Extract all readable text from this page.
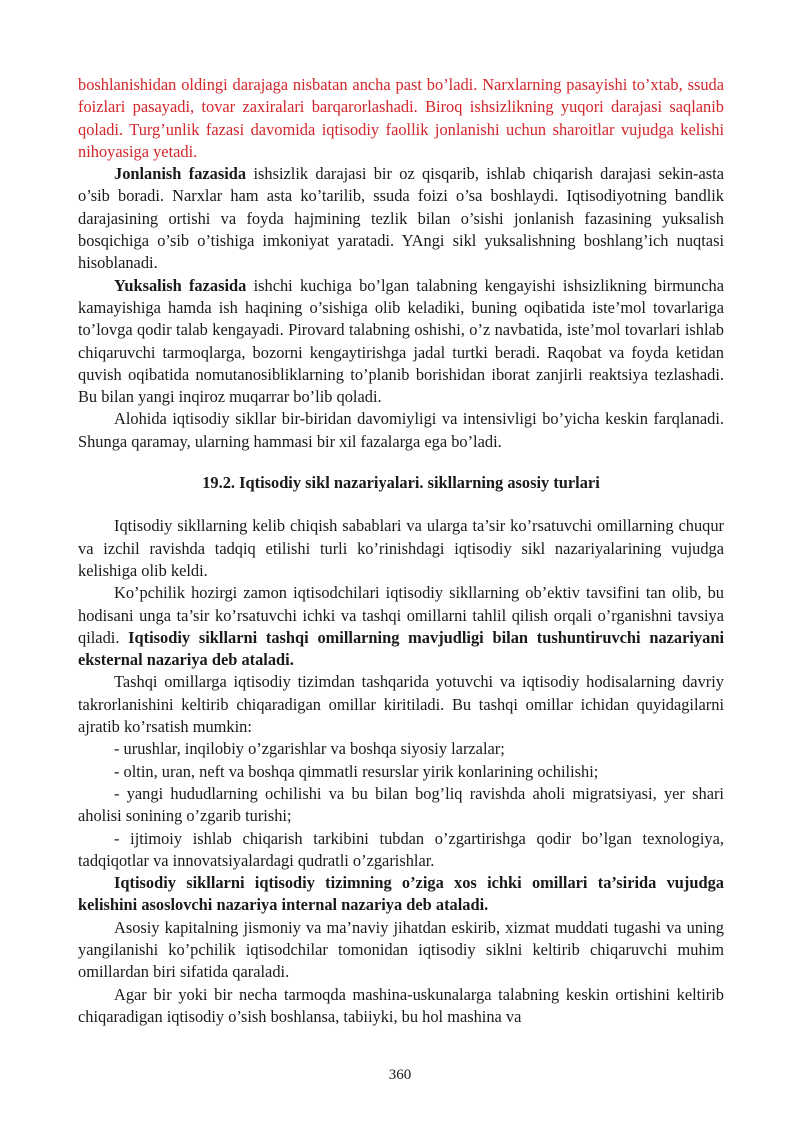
boshlanishidan oldingi darajaga nisbatan ancha past bo’ladi. Narxlarning pasayishi to’xtab, ssuda foizlari pasayadi, tovar zaxiralari barqarorlashadi. Biroq ishsizlikning yuqori darajasi saqlanib qoladi. Turg’unlik fazasi davomida iqtisodiy faollik jonlanishi uchun sharoitlar vujudga kelishi nihoyasiga yetadi.

Jonlanish fazasida ishsizlik darajasi bir oz qisqarib, ishlab chiqarish darajasi sekin-asta o’sib boradi. Narxlar ham asta ko’tarilib, ssuda foizi o’sa boshlaydi. Iqtisodiyotning bandlik darajasining ortishi va foyda hajmining tezlik bilan o’sishi jonlanish fazasining yuksalish bosqichiga o’sib o’tishiga imkoniyat yaratadi. YAngi sikl yuksalishning boshlang’ich nuqtasi hisoblanadi.

Yuksalish fazasida ishchi kuchiga bo’lgan talabning kengayishi ishsizlikning birmuncha kamayishiga hamda ish haqining o’sishiga olib keladiki, buning oqibatida iste’mol tovarlariga to’lovga qodir talab kengayadi. Pirovard talabning oshishi, o’z navbatida, iste’mol tovarlari ishlab chiqaruvchi tarmoqlarga, bozorni kengaytirishga jadal turtki beradi. Raqobat va foyda ketidan quvish oqibatida nomutanosibliklarning to’planib borishidan iborat zanjirli reaktsiya tezlashadi. Bu bilan yangi inqiroz muqarrar bo’lib qoladi.

Alohida iqtisodiy sikllar bir-biridan davomiyligi va intensivligi bo’yicha keskin farqlanadi. Shunga qaramay, ularning hammasi bir xil fazalarga ega bo’ladi.

19.2. Iqtisodiy sikl nazariyalari. sikllarning asosiy turlari

Iqtisodiy sikllarning kelib chiqish sabablari va ularga ta’sir ko’rsatuvchi omillarning chuqur va izchil ravishda tadqiq etilishi turli ko’rinishdagi iqtisodiy sikl nazariyalarining vujudga kelishiga olib keldi.

Ko’pchilik hozirgi zamon iqtisodchilari iqtisodiy sikllarning ob’ektiv tavsifini tan olib, bu hodisani unga ta’sir ko’rsatuvchi ichki va tashqi omillarni tahlil qilish orqali o’rganishni tavsiya qiladi. Iqtisodiy sikllarni tashqi omillarning mavjudligi bilan tushuntiruvchi nazariyani eksternal nazariya deb ataladi.

Tashqi omillarga iqtisodiy tizimdan tashqarida yotuvchi va iqtisodiy hodisalarning davriy takrorlanishini keltirib chiqaradigan omillar kiritiladi. Bu tashqi omillar ichidan quyidagilarni ajratib ko’rsatish mumkin:

- urushlar, inqilobiy o’zgarishlar va boshqa siyosiy larzalar;

- oltin, uran, neft va boshqa qimmatli resurslar yirik konlarining ochilishi;

- yangi hududlarning ochilishi va bu bilan bog’liq ravishda aholi migratsiyasi, yer shari aholisi sonining o’zgarib turishi;

- ijtimoiy ishlab chiqarish tarkibini tubdan o’zgartirishga qodir bo’lgan texnologiya, tadqiqotlar va innovatsiyalardagi qudratli o’zgarishlar.

Iqtisodiy sikllarni iqtisodiy tizimning o’ziga xos ichki omillari ta’sirida vujudga kelishini asoslovchi nazariya internal nazariya deb ataladi.

Asosiy kapitalning jismoniy va ma’naviy jihatdan eskirib, xizmat muddati tugashi va uning yangilanishi ko’pchilik iqtisodchilar tomonidan iqtisodiy siklni keltirib chiqaruvchi muhim omillardan biri sifatida qaraladi.

Agar bir yoki bir necha tarmoqda mashina-uskunalarga talabning keskin ortishini keltirib chiqaradigan iqtisodiy o’sish boshlansa, tabiiyki, bu hol mashina va

360
